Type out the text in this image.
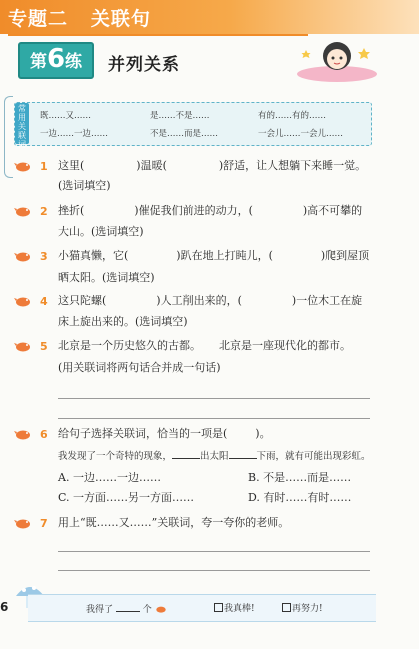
专题二   关联句
第6练	并列关系
常用关联词
既……又……	是……不是……	有的……有的……
一边……一边……	不是……而是……	一会儿……一会儿……
1 这里(	)温暖(	)舒适，让人想躺下来睡一觉。
(选词填空)
2 挫折(	)催促我们前进的动力，(	)高不可攀的
大山。(选词填空)
3 小猫真懒，它(	)趴在地上打盹儿，(	)爬到屋顶
晒太阳。(选词填空)
4 这只陀螺(	)人工削出来的，(	)一位木工在旋
床上旋出来的。(选词填空)
5 北京是一个历史悠久的古都。 北京是一座现代化的都市。
(用关联词将两句话合并成一句话)
6 给句子选择关联词，恰当的一项是(	)。
我发现了一个奇特的现象，	出太阳	下雨，就有可能出现彩虹。
A. 一边……一边……	B. 不是……而是……
C. 一方面……另一方面……	D. 有时……有时……
7 用上“既……又……”关联词，夸一夸你的老师。
6	我得了	个	我真棒!	再努力!
